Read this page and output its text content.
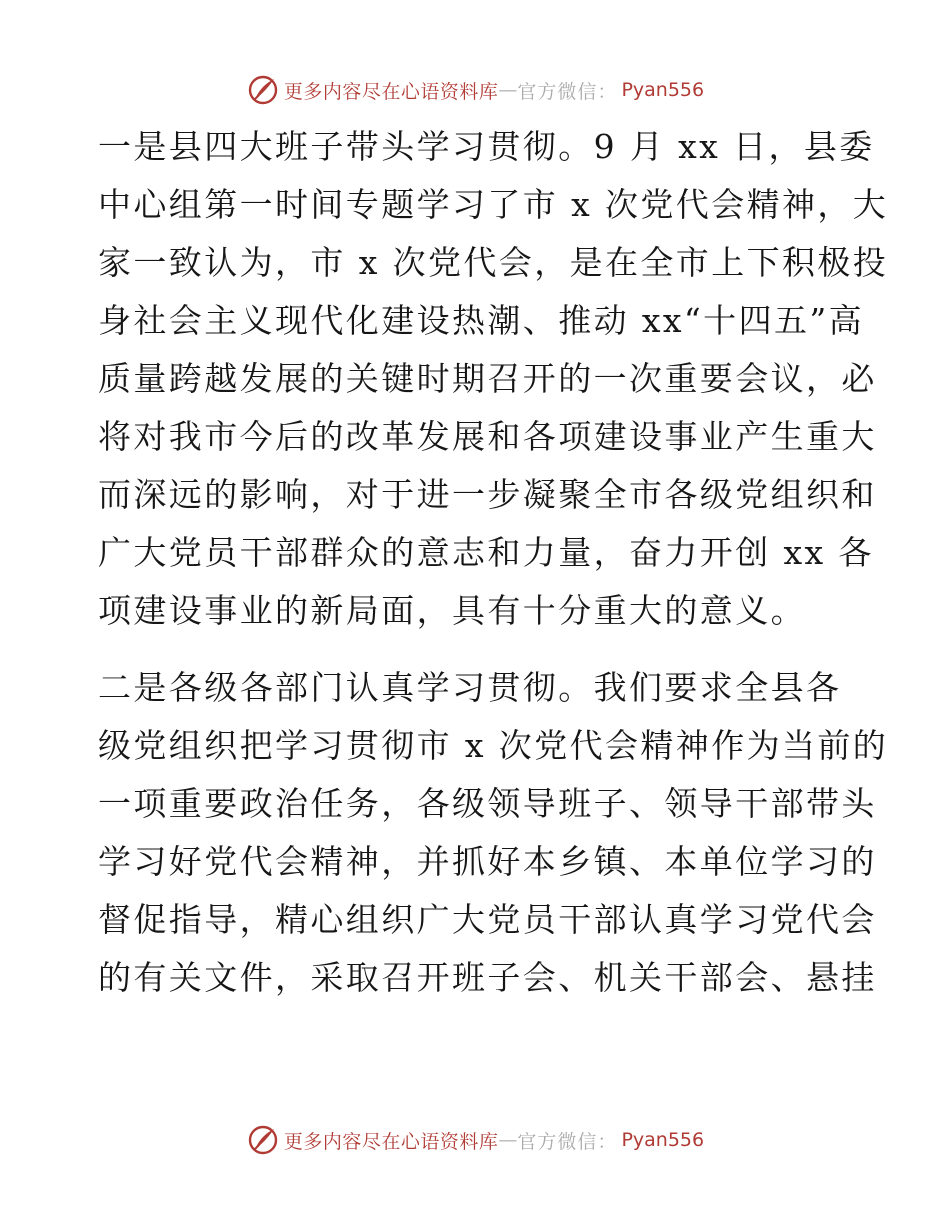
更多内容尽在心语资料库 — 官方微信： Pyan556
一是县四大班子带头学习贯彻。9 月 xx 日，县委
中心组第一时间专题学习了市 x 次党代会精神，大
家一致认为，市 x 次党代会，是在全市上下积极投
身社会主义现代化建设热潮、推动 xx“十四五”高
质量跨越发展的关键时期召开的一次重要会议，必
将对我市今后的改革发展和各项建设事业产生重大
而深远的影响，对于进一步凝聚全市各级党组织和
广大党员干部群众的意志和力量，奋力开创 xx 各
项建设事业的新局面，具有十分重大的意义。
二是各级各部门认真学习贯彻。我们要求全县各
级党组织把学习贯彻市 x 次党代会精神作为当前的
一项重要政治任务，各级领导班子、领导干部带头
学习好党代会精神，并抓好本乡镇、本单位学习的
督促指导，精心组织广大党员干部认真学习党代会
的有关文件，采取召开班子会、机关干部会、悬挂
更多内容尽在心语资料库 — 官方微信： Pyan556
